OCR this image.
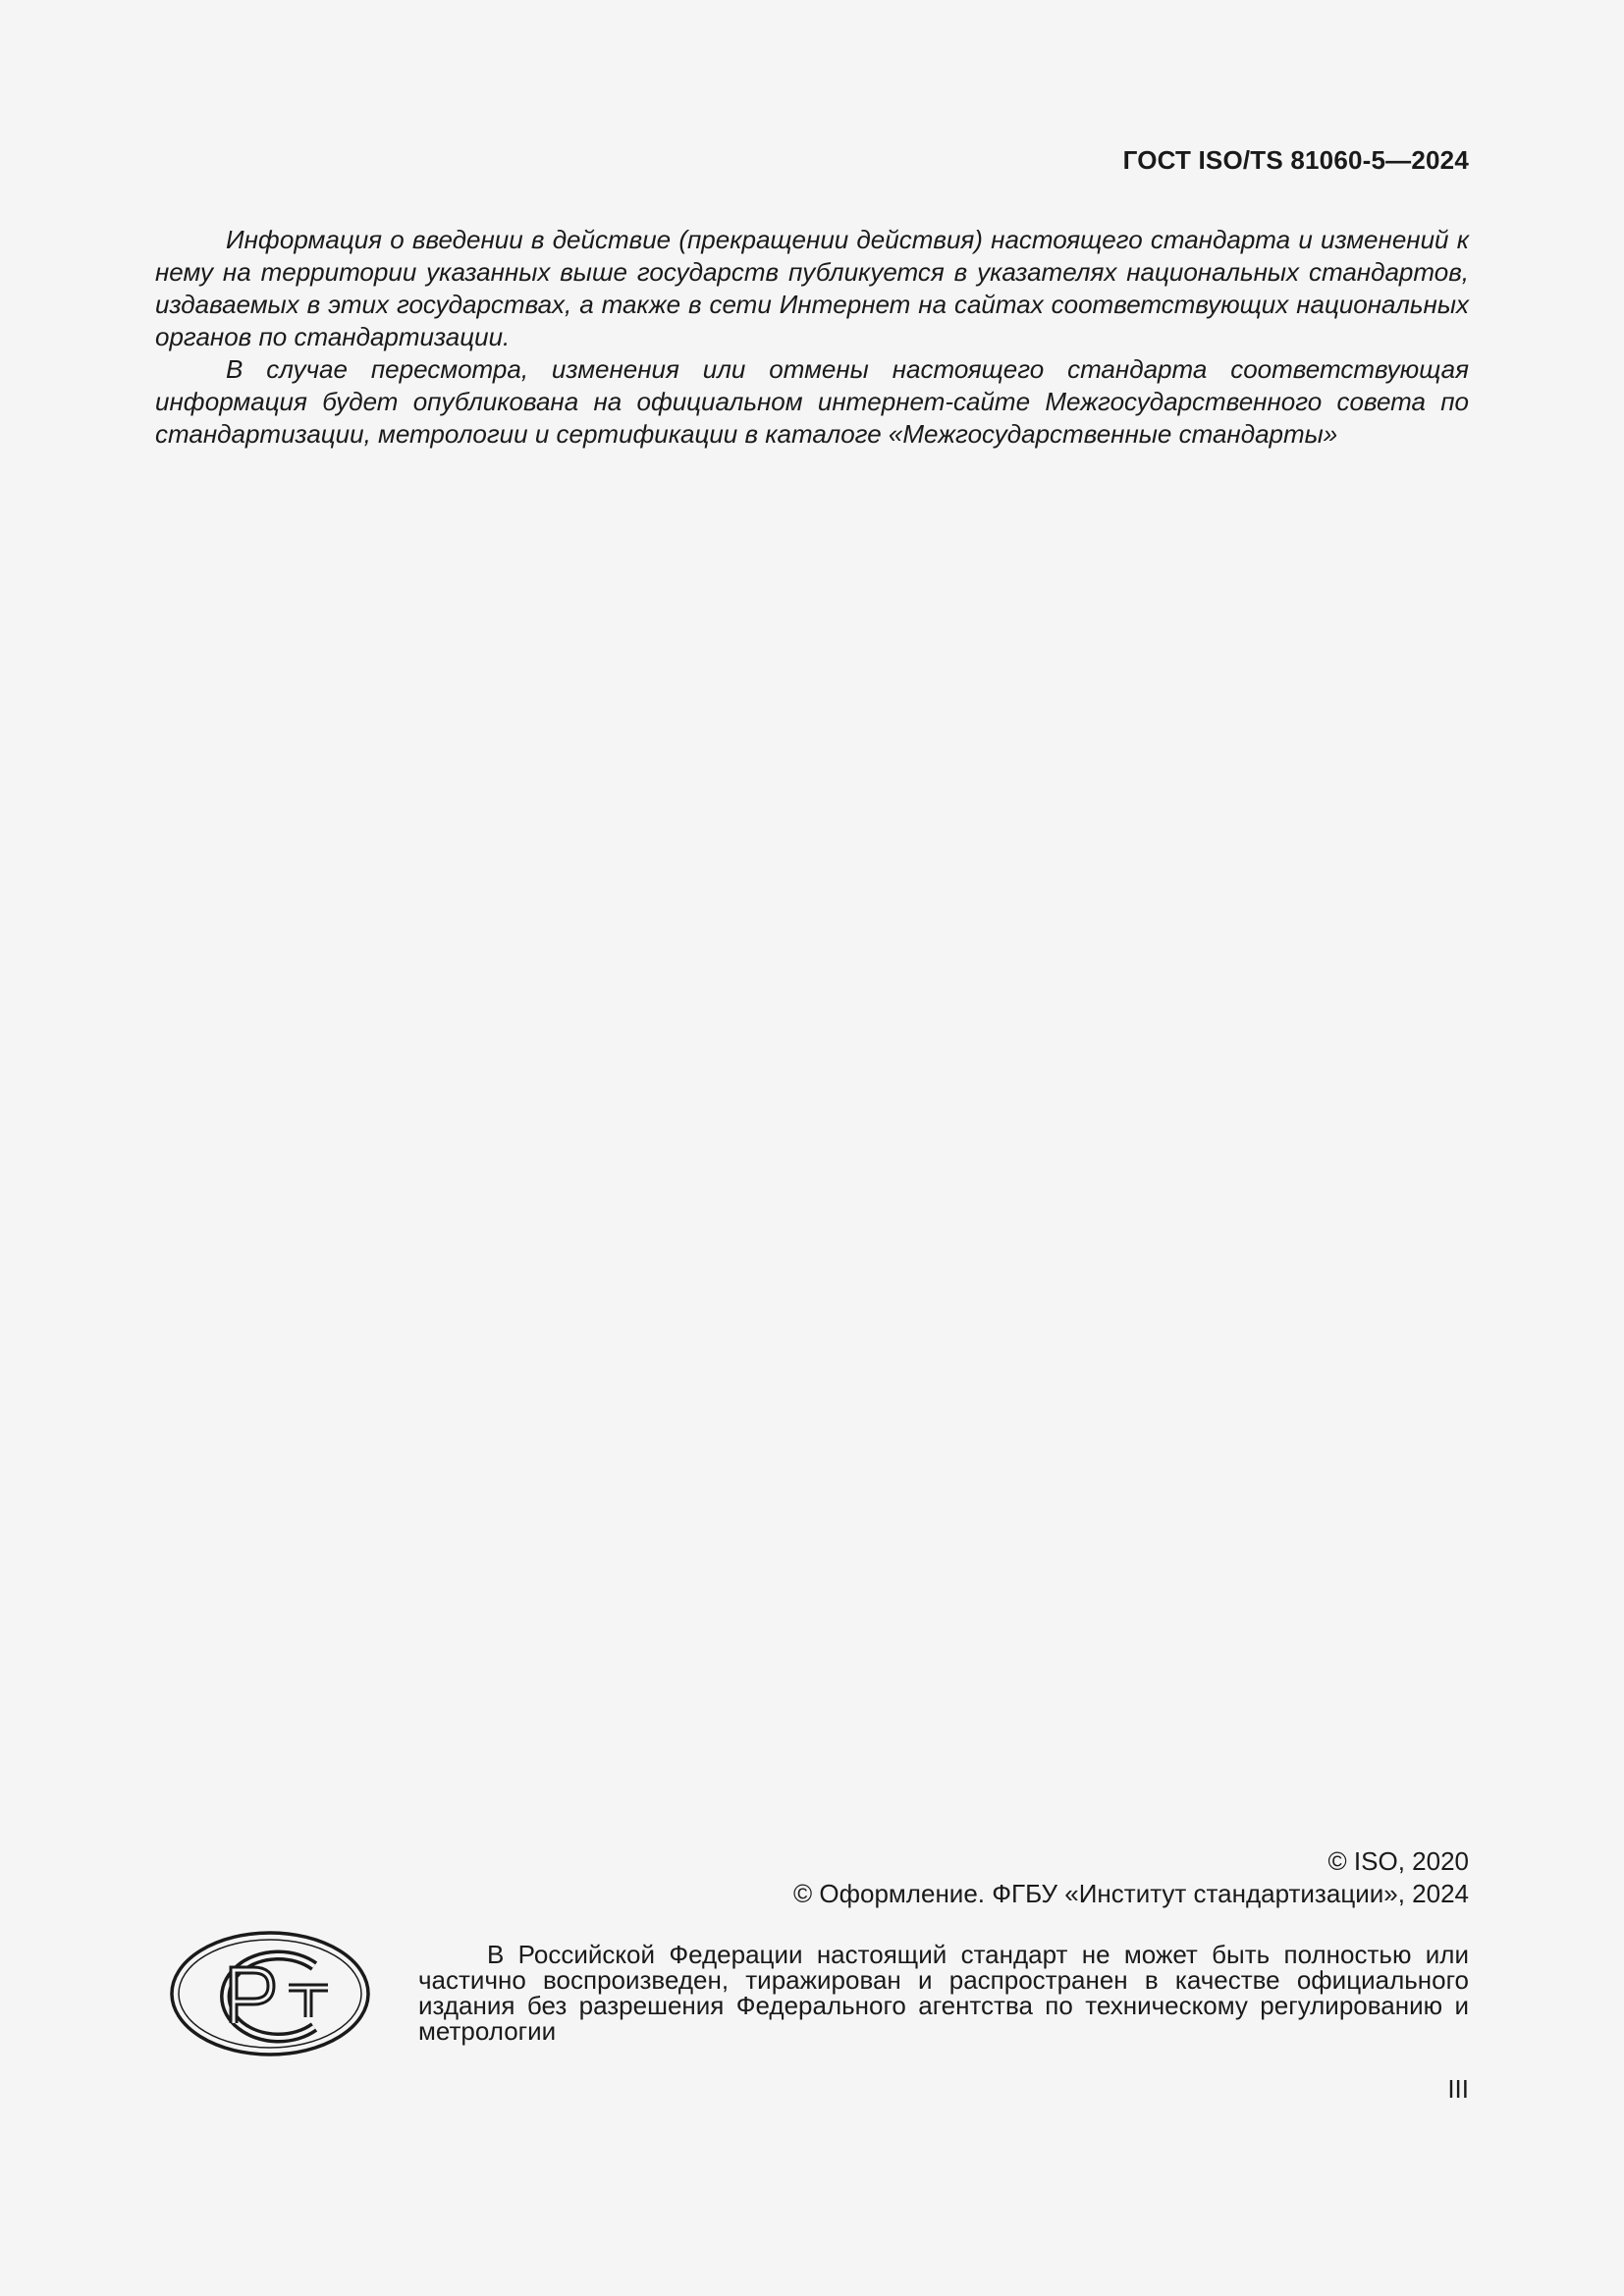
ГОСТ ISO/TS 81060-5—2024

Информация о введении в действие (прекращении действия) настоящего стандарта и изменений к нему на территории указанных выше государств публикуется в указателях национальных стандартов, издаваемых в этих государствах, а также в сети Интернет на сайтах соответствующих национальных органов по стандартизации.

В случае пересмотра, изменения или отмены настоящего стандарта соответствующая информация будет опубликована на официальном интернет-сайте Межгосударственного совета по стандартизации, метрологии и сертификации в каталоге «Межгосударственные стандарты»

© ISO, 2020
© Оформление. ФГБУ «Институт стандартизации», 2024

В Российской Федерации настоящий стандарт не может быть полностью или частично воспроизведен, тиражирован и распространен в качестве официального издания без разрешения Федерального агентства по техническому регулированию и метрологии

III
